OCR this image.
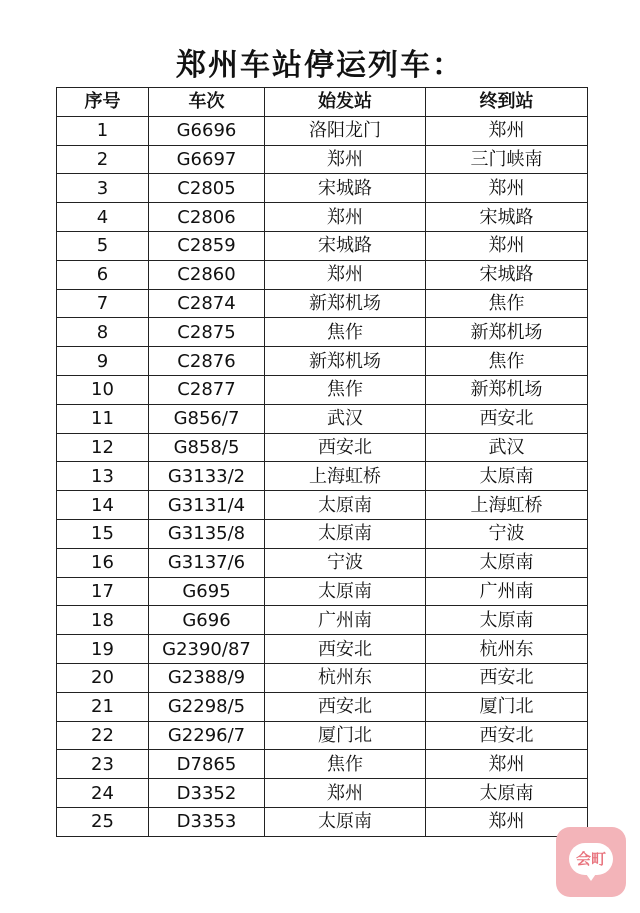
郑州车站停运列车：
序号	车次	始发站	终到站
1	G6696	洛阳龙门	郑州
2	G6697	郑州	三门峡南
3	C2805	宋城路	郑州
4	C2806	郑州	宋城路
5	C2859	宋城路	郑州
6	C2860	郑州	宋城路
7	C2874	新郑机场	焦作
8	C2875	焦作	新郑机场
9	C2876	新郑机场	焦作
10	C2877	焦作	新郑机场
11	G856/7	武汉	西安北
12	G858/5	西安北	武汉
13	G3133/2	上海虹桥	太原南
14	G3131/4	太原南	上海虹桥
15	G3135/8	太原南	宁波
16	G3137/6	宁波	太原南
17	G695	太原南	广州南
18	G696	广州南	太原南
19	G2390/87	西安北	杭州东
20	G2388/9	杭州东	西安北
21	G2298/5	西安北	厦门北
22	G2296/7	厦门北	西安北
23	D7865	焦作	郑州
24	D3352	郑州	太原南
25	D3353	太原南	郑州
会町
